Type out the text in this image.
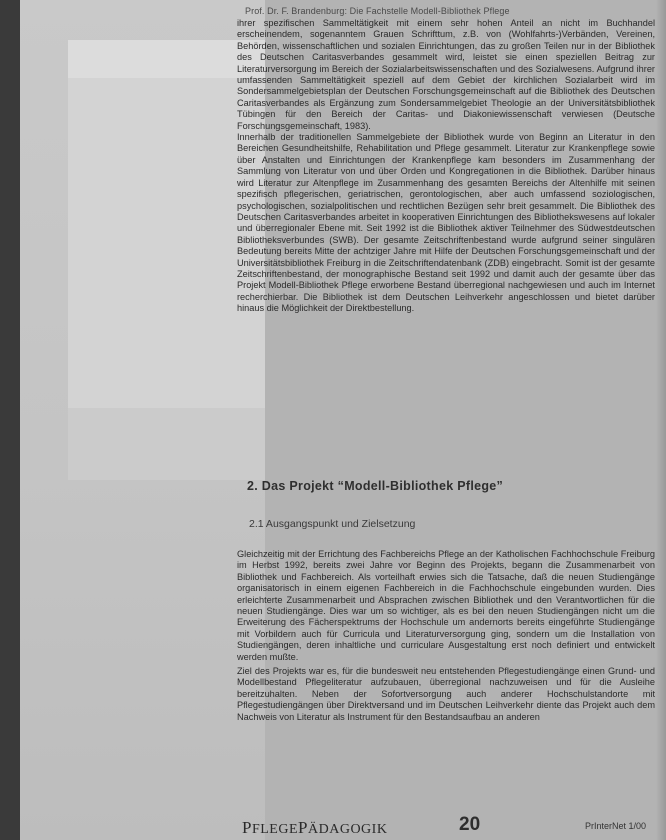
Prof. Dr. F. Brandenburg: Die Fachstelle Modell-Bibliothek Pflege

ihrer spezifischen Sammeltätigkeit mit einem sehr hohen Anteil an nicht im Buchhandel erscheinendem, sogenanntem Grauen Schrifttum, z.B. von (Wohlfahrts-)Verbänden, Vereinen, Behörden, wissenschaftlichen und sozialen Einrichtungen, das zu großen Teilen nur in der Bibliothek des Deutschen Caritasverbandes gesammelt wird, leistet sie einen speziellen Beitrag zur Literaturversorgung im Bereich der Sozialarbeitswissenschaften und des Sozialwesens. Aufgrund ihrer umfassenden Sammeltätigkeit speziell auf dem Gebiet der kirchlichen Sozialarbeit wird im Sondersammelgebietsplan der Deutschen Forschungsgemeinschaft auf die Bibliothek des Deutschen Caritasverbandes als Ergänzung zum Sondersammelgebiet Theologie an der Universitätsbibliothek Tübingen für den Bereich der Caritas- und Diakoniewissenschaft verwiesen (Deutsche Forschungsgemeinschaft, 1983).

Innerhalb der traditionellen Sammelgebiete der Bibliothek wurde von Beginn an Literatur in den Bereichen Gesundheitshilfe, Rehabilitation und Pflege gesammelt. Literatur zur Krankenpflege sowie über Anstalten und Einrichtungen der Krankenpflege kam besonders im Zusammenhang der Sammlung von Literatur von und über Orden und Kongregationen in die Bibliothek. Darüber hinaus wird Literatur zur Altenpflege im Zusammenhang des gesamten Bereichs der Altenhilfe mit seinen spezifisch pflegerischen, geriatrischen, gerontologischen, aber auch umfassend soziologischen, psychologischen, sozialpolitischen und rechtlichen Bezügen sehr breit gesammelt. Die Bibliothek des Deutschen Caritasverbandes arbeitet in kooperativen Einrichtungen des Bibliothekswesens auf lokaler und überregionaler Ebene mit. Seit 1992 ist die Bibliothek aktiver Teilnehmer des Südwestdeutschen Bibliotheksverbundes (SWB). Der gesamte Zeitschriftenbestand wurde aufgrund seiner singulären Bedeutung bereits Mitte der achtziger Jahre mit Hilfe der Deutschen Forschungsgemeinschaft und der Universitätsbibliothek Freiburg in die Zeitschriftendatenbank (ZDB) eingebracht. Somit ist der gesamte Zeitschriftenbestand, der monographische Bestand seit 1992 und damit auch der gesamte über das Projekt Modell-Bibliothek Pflege erworbene Bestand überregional nachgewiesen und auch im Internet recherchierbar. Die Bibliothek ist dem Deutschen Leihverkehr angeschlossen und bietet darüber hinaus die Möglichkeit der Direktbestellung.

2. Das Projekt “Modell-Bibliothek Pflege”
2.1 Ausgangspunkt und Zielsetzung

Gleichzeitig mit der Errichtung des Fachbereichs Pflege an der Katholischen Fachhochschule Freiburg im Herbst 1992, bereits zwei Jahre vor Beginn des Projekts, begann die Zusammenarbeit von Bibliothek und Fachbereich. Als vorteilhaft erwies sich die Tatsache, daß die neuen Studiengänge organisatorisch in einem eigenen Fachbereich in die Fachhochschule eingebunden wurden. Dies erleichterte Zusammenarbeit und Absprachen zwischen Bibliothek und den Verantwortlichen für die neuen Studiengänge. Dies war um so wichtiger, als es bei den neuen Studiengängen nicht um die Erweiterung des Fächerspektrums der Hochschule um andernorts bereits eingeführte Studiengänge mit Vorbildern auch für Curricula und Literaturversorgung ging, sondern um die Installation von Studiengängen, deren inhaltliche und curriculare Ausgestaltung erst noch definiert und entwickelt werden mußte.

Ziel des Projekts war es, für die bundesweit neu entstehenden Pflegestudiengänge einen Grund- und Modellbestand Pflegeliteratur aufzubauen, überregional nachzuweisen und für die Ausleihe bereitzuhalten. Neben der Sofortversorgung auch anderer Hochschulstandorte mit Pflegestudiengängen über Direktversand und im Deutschen Leihverkehr diente das Projekt auch dem Nachweis von Literatur als Instrument für den Bestandsaufbau an anderen

PFLEGEPÄDAGOGIK	20	PrInterNet 1/00
